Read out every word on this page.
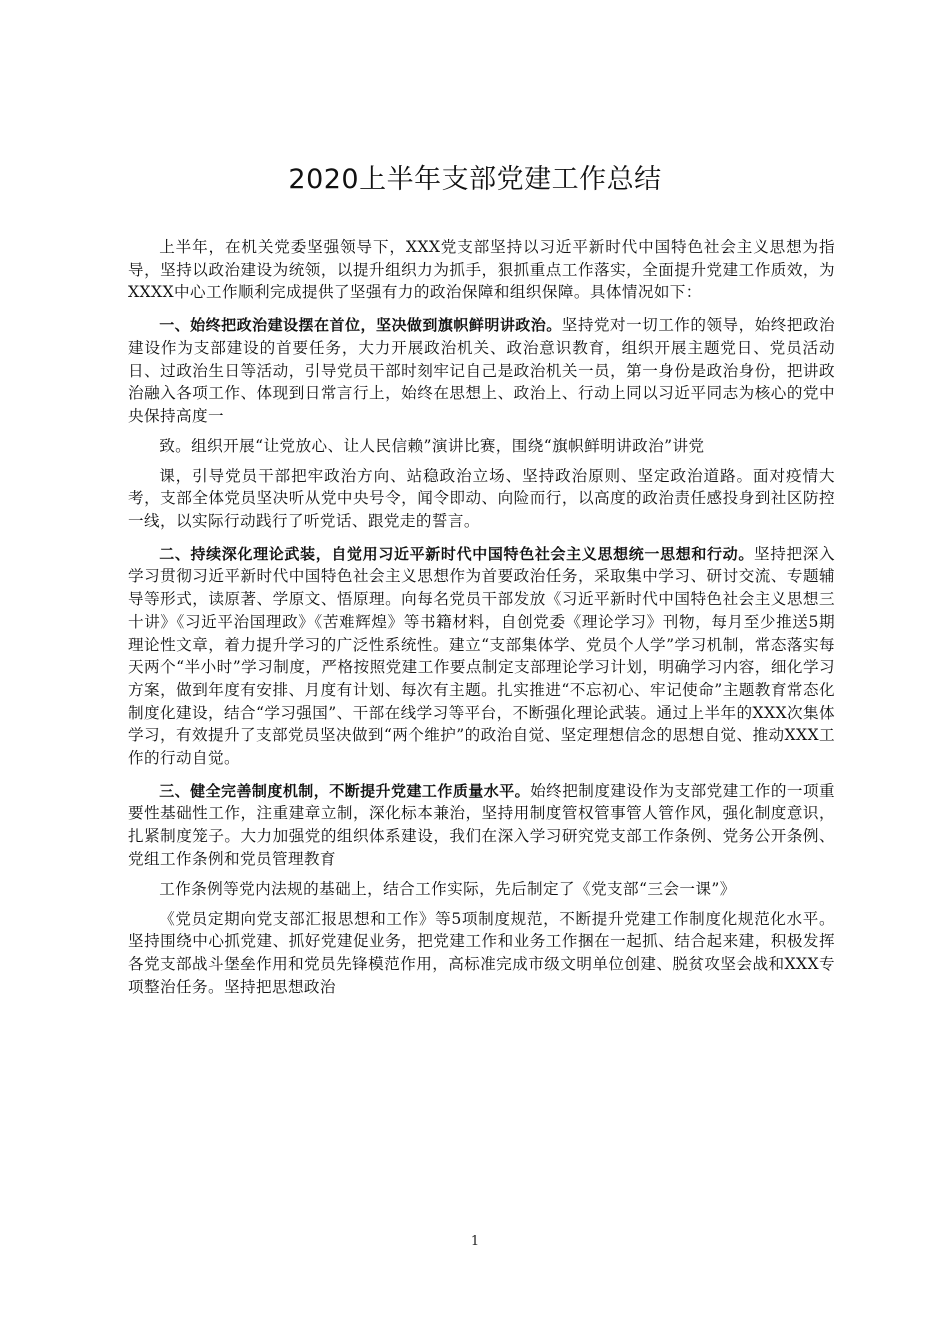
2020上半年支部党建工作总结

上半年，在机关党委坚强领导下，XXX党支部坚持以习近平新时代中国特色社会主义思想为指导，坚持以政治建设为统领，以提升组织力为抓手，狠抓重点工作落实，全面提升党建工作质效，为XXXX中心工作顺利完成提供了坚强有力的政治保障和组织保障。具体情况如下：

一、始终把政治建设摆在首位，坚决做到旗帜鲜明讲政治。坚持党对一切工作的领导，始终把政治建设作为支部建设的首要任务，大力开展政治机关、政治意识教育，组织开展主题党日、党员活动日、过政治生日等活动，引导党员干部时刻牢记自己是政治机关一员，第一身份是政治身份，把讲政治融入各项工作、体现到日常言行上，始终在思想上、政治上、行动上同以习近平同志为核心的党中央保持高度一
致。组织开展“让党放心、让人民信赖”演讲比赛，围绕“旗帜鲜明讲政治”讲党
课，引导党员干部把牢政治方向、站稳政治立场、坚持政治原则、坚定政治道路。面对疫情大考，支部全体党员坚决听从党中央号令，闻令即动、向险而行，以高度的政治责任感投身到社区防控一线，以实际行动践行了听党话、跟党走的誓言。

二、持续深化理论武装，自觉用习近平新时代中国特色社会主义思想统一思想和行动。坚持把深入学习贯彻习近平新时代中国特色社会主义思想作为首要政治任务，采取集中学习、研讨交流、专题辅导等形式，读原著、学原文、悟原理。向每名党员干部发放《习近平新时代中国特色社会主义思想三十讲》《习近平治国理政》《苦难辉煌》等书籍材料，自创党委《理论学习》刊物，每月至少推送5期理论性文章，着力提升学习的广泛性系统性。建立“支部集体学、党员个人学”学习机制，常态落实每天两个“半小时”学习制度，严格按照党建工作要点制定支部理论学习计划，明确学习内容，细化学习方案，做到年度有安排、月度有计划、每次有主题。扎实推进“不忘初心、牢记使命”主题教育常态化制度化建设，结合“学习强国”、干部在线学习等平台，不断强化理论武装。通过上半年的XXX次集体学习，有效提升了支部党员坚决做到“两个维护”的政治自觉、坚定理想信念的思想自觉、推动XXX工作的行动自觉。

三、健全完善制度机制，不断提升党建工作质量水平。始终把制度建设作为支部党建工作的一项重要性基础性工作，注重建章立制，深化标本兼治，坚持用制度管权管事管人管作风，强化制度意识，扎紧制度笼子。大力加强党的组织体系建设，我们在深入学习研究党支部工作条例、党务公开条例、党组工作条例和党员管理教育
工作条例等党内法规的基础上，结合工作实际，先后制定了《党支部“三会一课”》
《党员定期向党支部汇报思想和工作》等5项制度规范，不断提升党建工作制度化规范化水平。坚持围绕中心抓党建、抓好党建促业务，把党建工作和业务工作捆在一起抓、结合起来建，积极发挥各党支部战斗堡垒作用和党员先锋模范作用，高标准完成市级文明单位创建、脱贫攻坚会战和XXX专项整治任务。坚持把思想政治

1
